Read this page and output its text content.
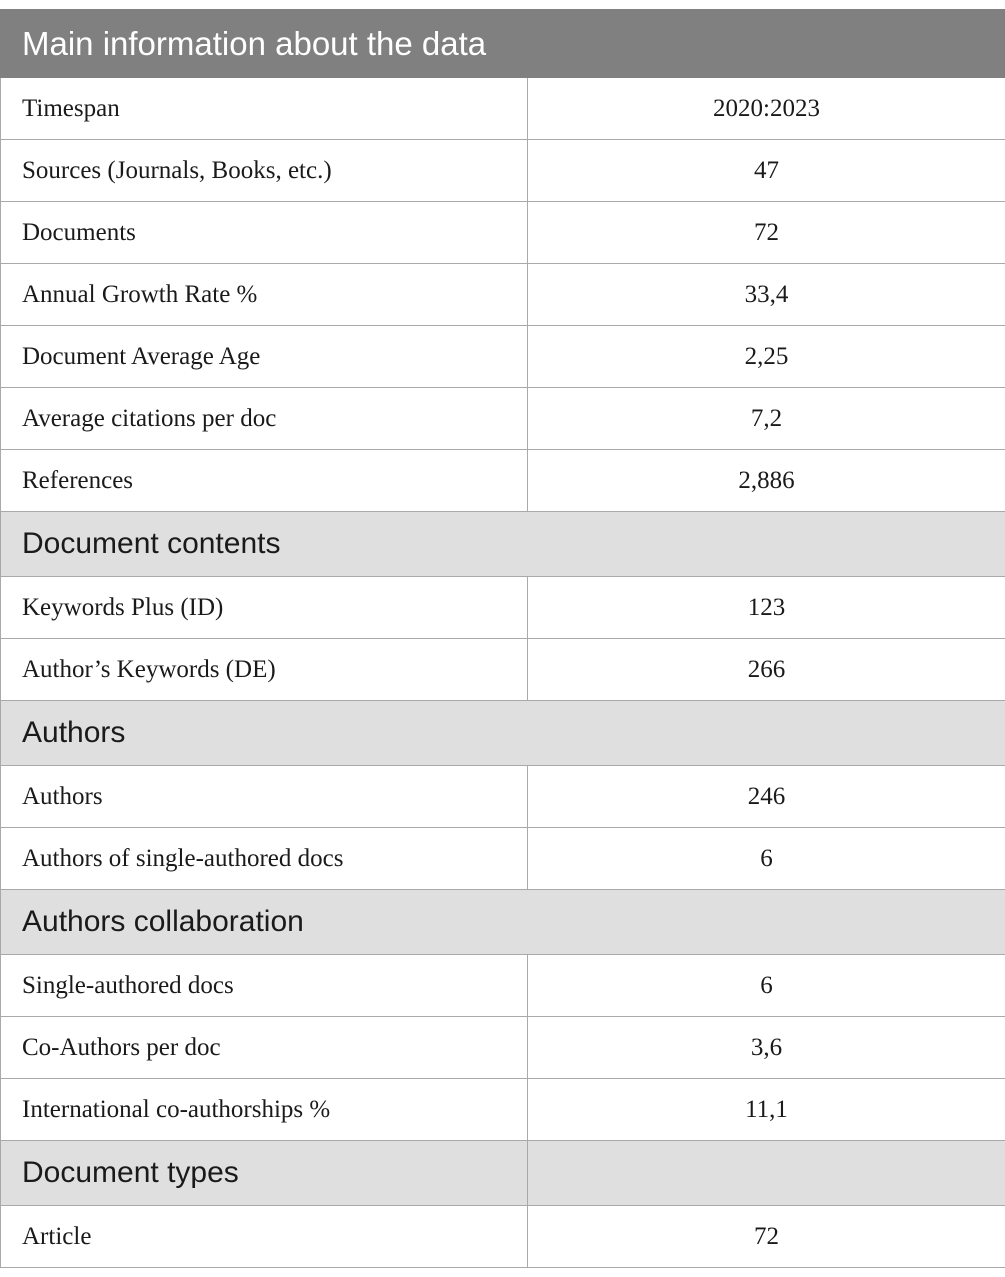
Main information about the data	
Timespan	2020:2023
Sources (Journals, Books, etc.)	47
Documents	72
Annual Growth Rate %	33,4
Document Average Age	2,25
Average citations per doc	7,2
References	2,886
Document contents	
Keywords Plus (ID)	123
Author’s Keywords (DE)	266
Authors	
Authors	246
Authors of single-authored docs	6
Authors collaboration	
Single-authored docs	6
Co-Authors per doc	3,6
International co-authorships %	11,1
Document types	
Article	72
